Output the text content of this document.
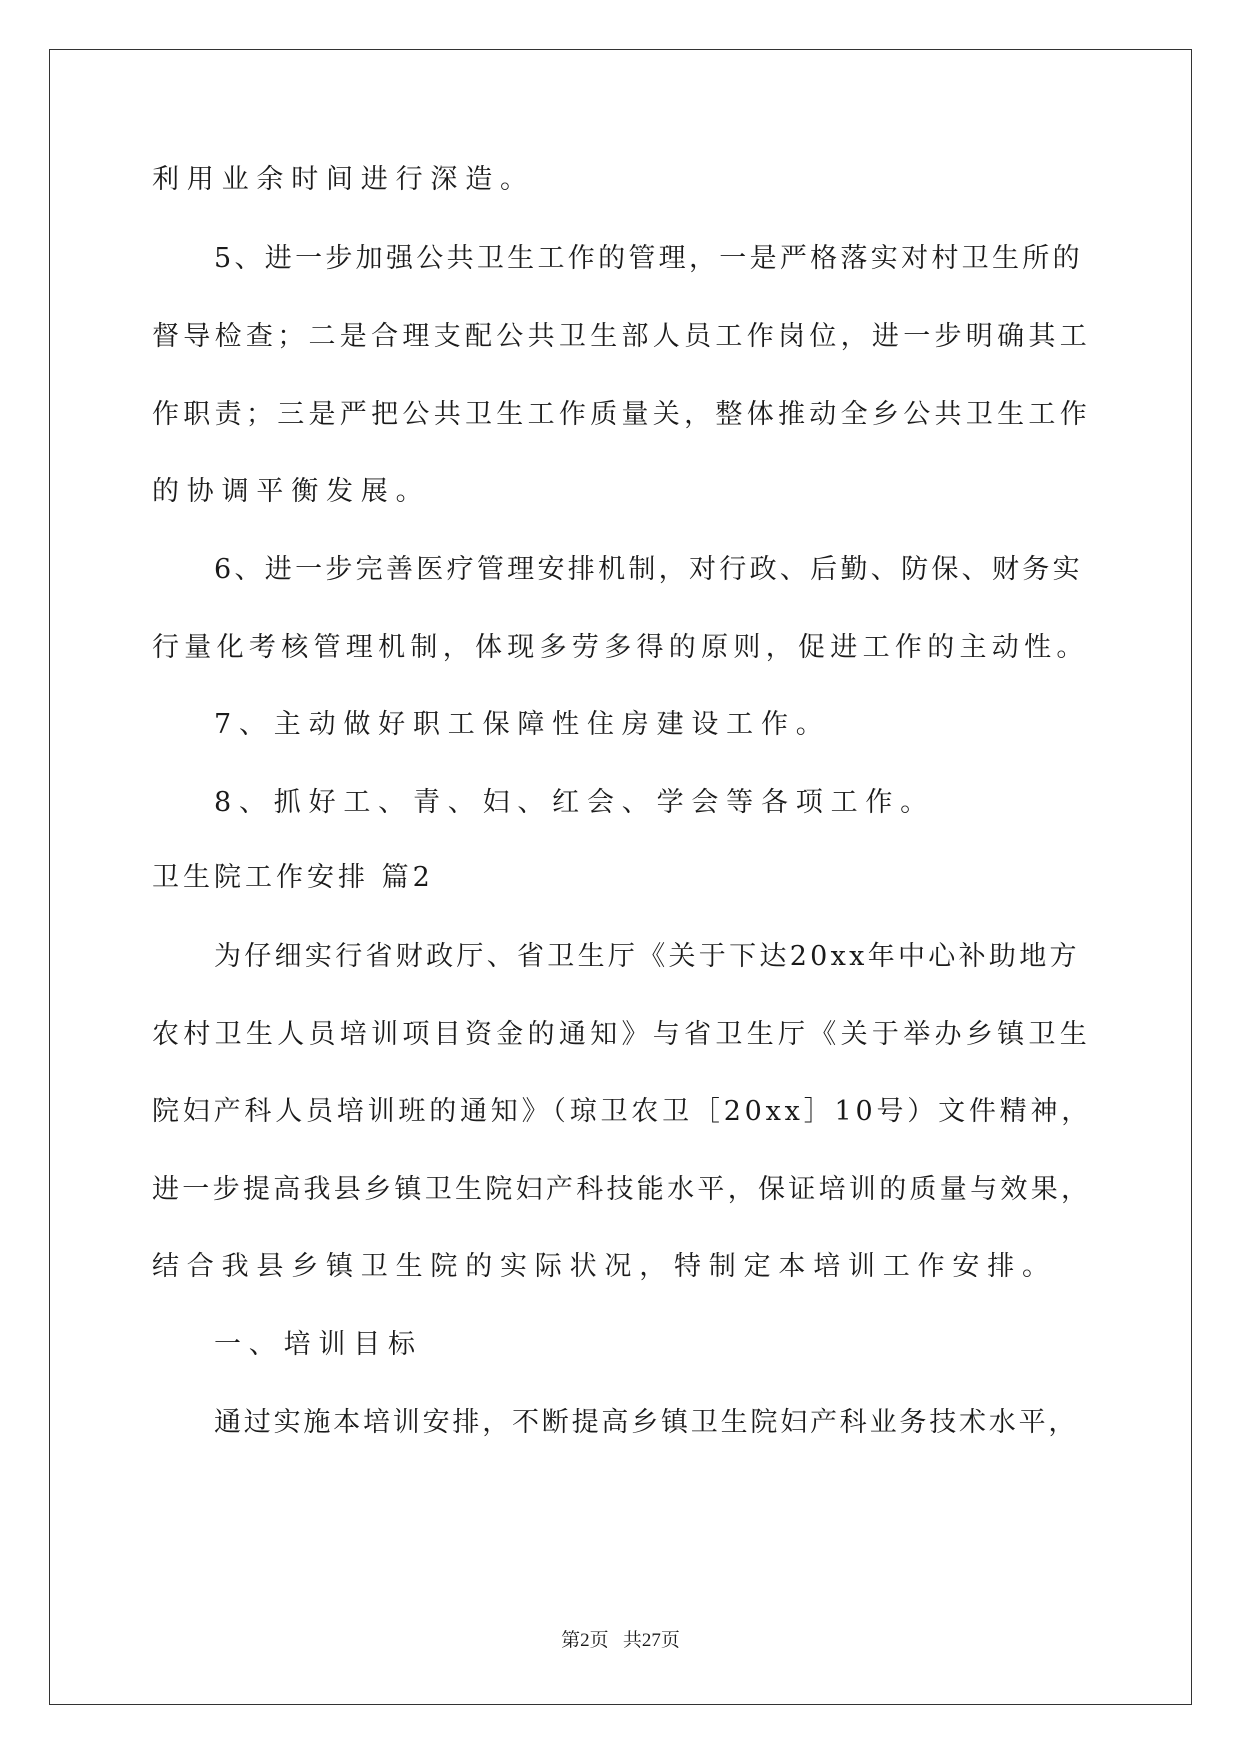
利用业余时间进行深造。
5、进一步加强公共卫生工作的管理，一是严格落实对村卫生所的
督导检查；二是合理支配公共卫生部人员工作岗位，进一步明确其工
作职责；三是严把公共卫生工作质量关，整体推动全乡公共卫生工作
的协调平衡发展。
6、进一步完善医疗管理安排机制，对行政、后勤、防保、财务实
行量化考核管理机制，体现多劳多得的原则，促进工作的主动性。
7、主动做好职工保障性住房建设工作。
8、抓好工、青、妇、红会、学会等各项工作。
卫生院工作安排 篇2
为仔细实行省财政厅、省卫生厅《关于下达20xx年中心补助地方
农村卫生人员培训项目资金的通知》与省卫生厅《关于举办乡镇卫生
院妇产科人员培训班的通知》（琼卫农卫［20xx］10号）文件精神，
进一步提高我县乡镇卫生院妇产科技能水平，保证培训的质量与效果，
结合我县乡镇卫生院的实际状况，特制定本培训工作安排。
一、培训目标
通过实施本培训安排，不断提高乡镇卫生院妇产科业务技术水平，
第2页 共27页
